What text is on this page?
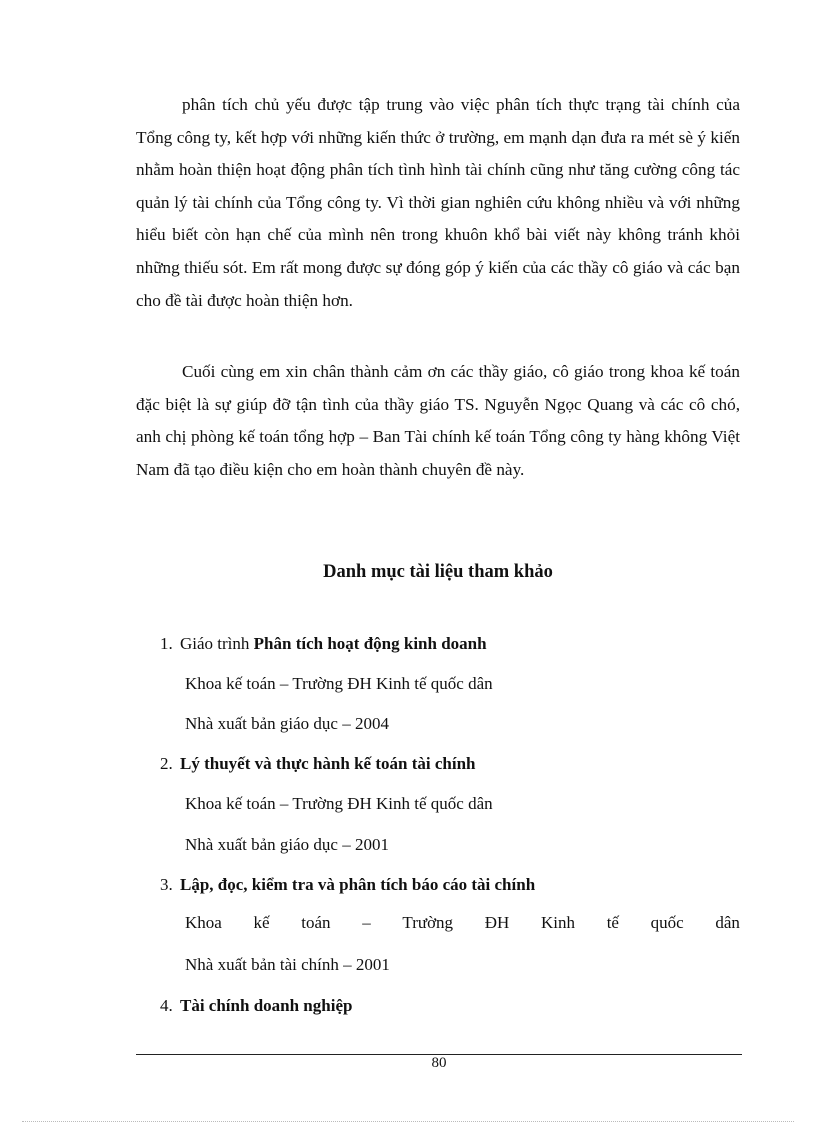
phân tích chủ yếu được tập trung vào việc phân tích thực trạng tài chính của Tổng công ty, kết hợp với những kiến thức ở trường, em mạnh dạn đưa ra mét sè ý kiến nhằm hoàn thiện hoạt động phân tích tình hình tài chính cũng như tăng cường công tác quản lý tài chính của Tổng công ty. Vì thời gian nghiên cứu không nhiều và với những hiểu biết còn hạn chế của mình nên trong khuôn khổ bài viết này không tránh khỏi những thiếu sót. Em rất mong được sự đóng góp ý kiến của các thầy cô giáo và các bạn cho đề tài được hoàn thiện hơn.

Cuối cùng em xin chân thành cảm ơn các thầy giáo, cô giáo trong khoa kế toán đặc biệt là sự giúp đỡ tận tình của thầy giáo TS. Nguyễn Ngọc Quang và các cô chó, anh chị phòng kế toán tổng hợp – Ban Tài chính kế toán Tổng công ty hàng không Việt Nam đã tạo điều kiện cho em hoàn thành chuyên đề này.

Danh mục tài liệu tham khảo

1. Giáo trình Phân tích hoạt động kinh doanh

Khoa kế toán – Trường ĐH Kinh tế quốc dân

Nhà xuất bản giáo dục – 2004

2. Lý thuyết và thực hành kế toán tài chính

Khoa kế toán – Trường ĐH Kinh tế quốc dân

Nhà xuất bản giáo dục – 2001

3. Lập, đọc, kiểm tra và phân tích báo cáo tài chính

Khoa kế toán – Trường ĐH Kinh tế quốc dân

Nhà xuất bản tài chính – 2001

4. Tài chính doanh nghiệp

80
